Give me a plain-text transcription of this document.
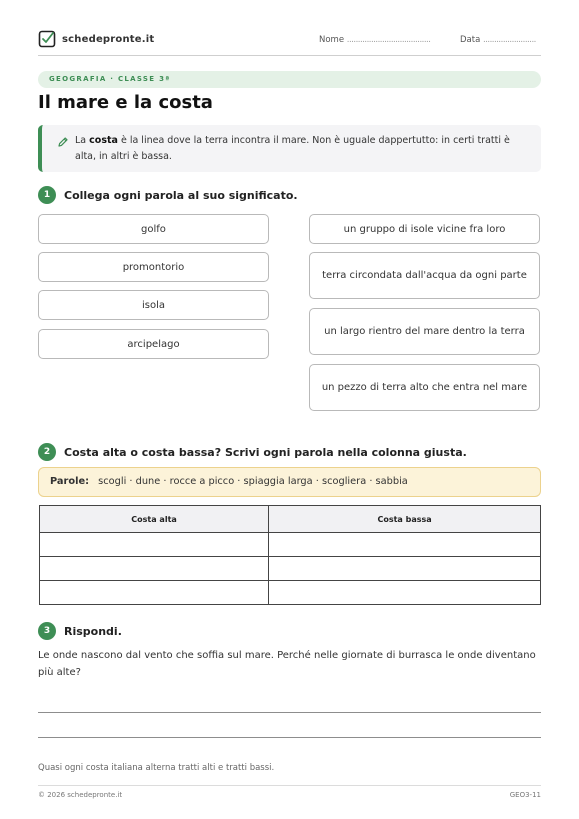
schedepronte.it	Nome ......................................	Data ........................
GEOGRAFIA · CLASSE 3ª
Il mare e la costa
La costa è la linea dove la terra incontra il mare. Non è uguale dappertutto: in certi tratti è alta, in altri è bassa.
1	Collega ogni parola al suo significato.
golfo
promontorio
isola
arcipelago
un gruppo di isole vicine fra loro
terra circondata dall'acqua da ogni parte
un largo rientro del mare dentro la terra
un pezzo di terra alto che entra nel mare
2	Costa alta o costa bassa? Scrivi ogni parola nella colonna giusta.
Parole: scogli · dune · rocce a picco · spiaggia larga · scogliera · sabbia
Costa alta	Costa bassa

3	Rispondi.
Le onde nascono dal vento che soffia sul mare. Perché nelle giornate di burrasca le onde diventano più alte?
Quasi ogni costa italiana alterna tratti alti e tratti bassi.
© 2026 schedepronte.it	GEO3-11
